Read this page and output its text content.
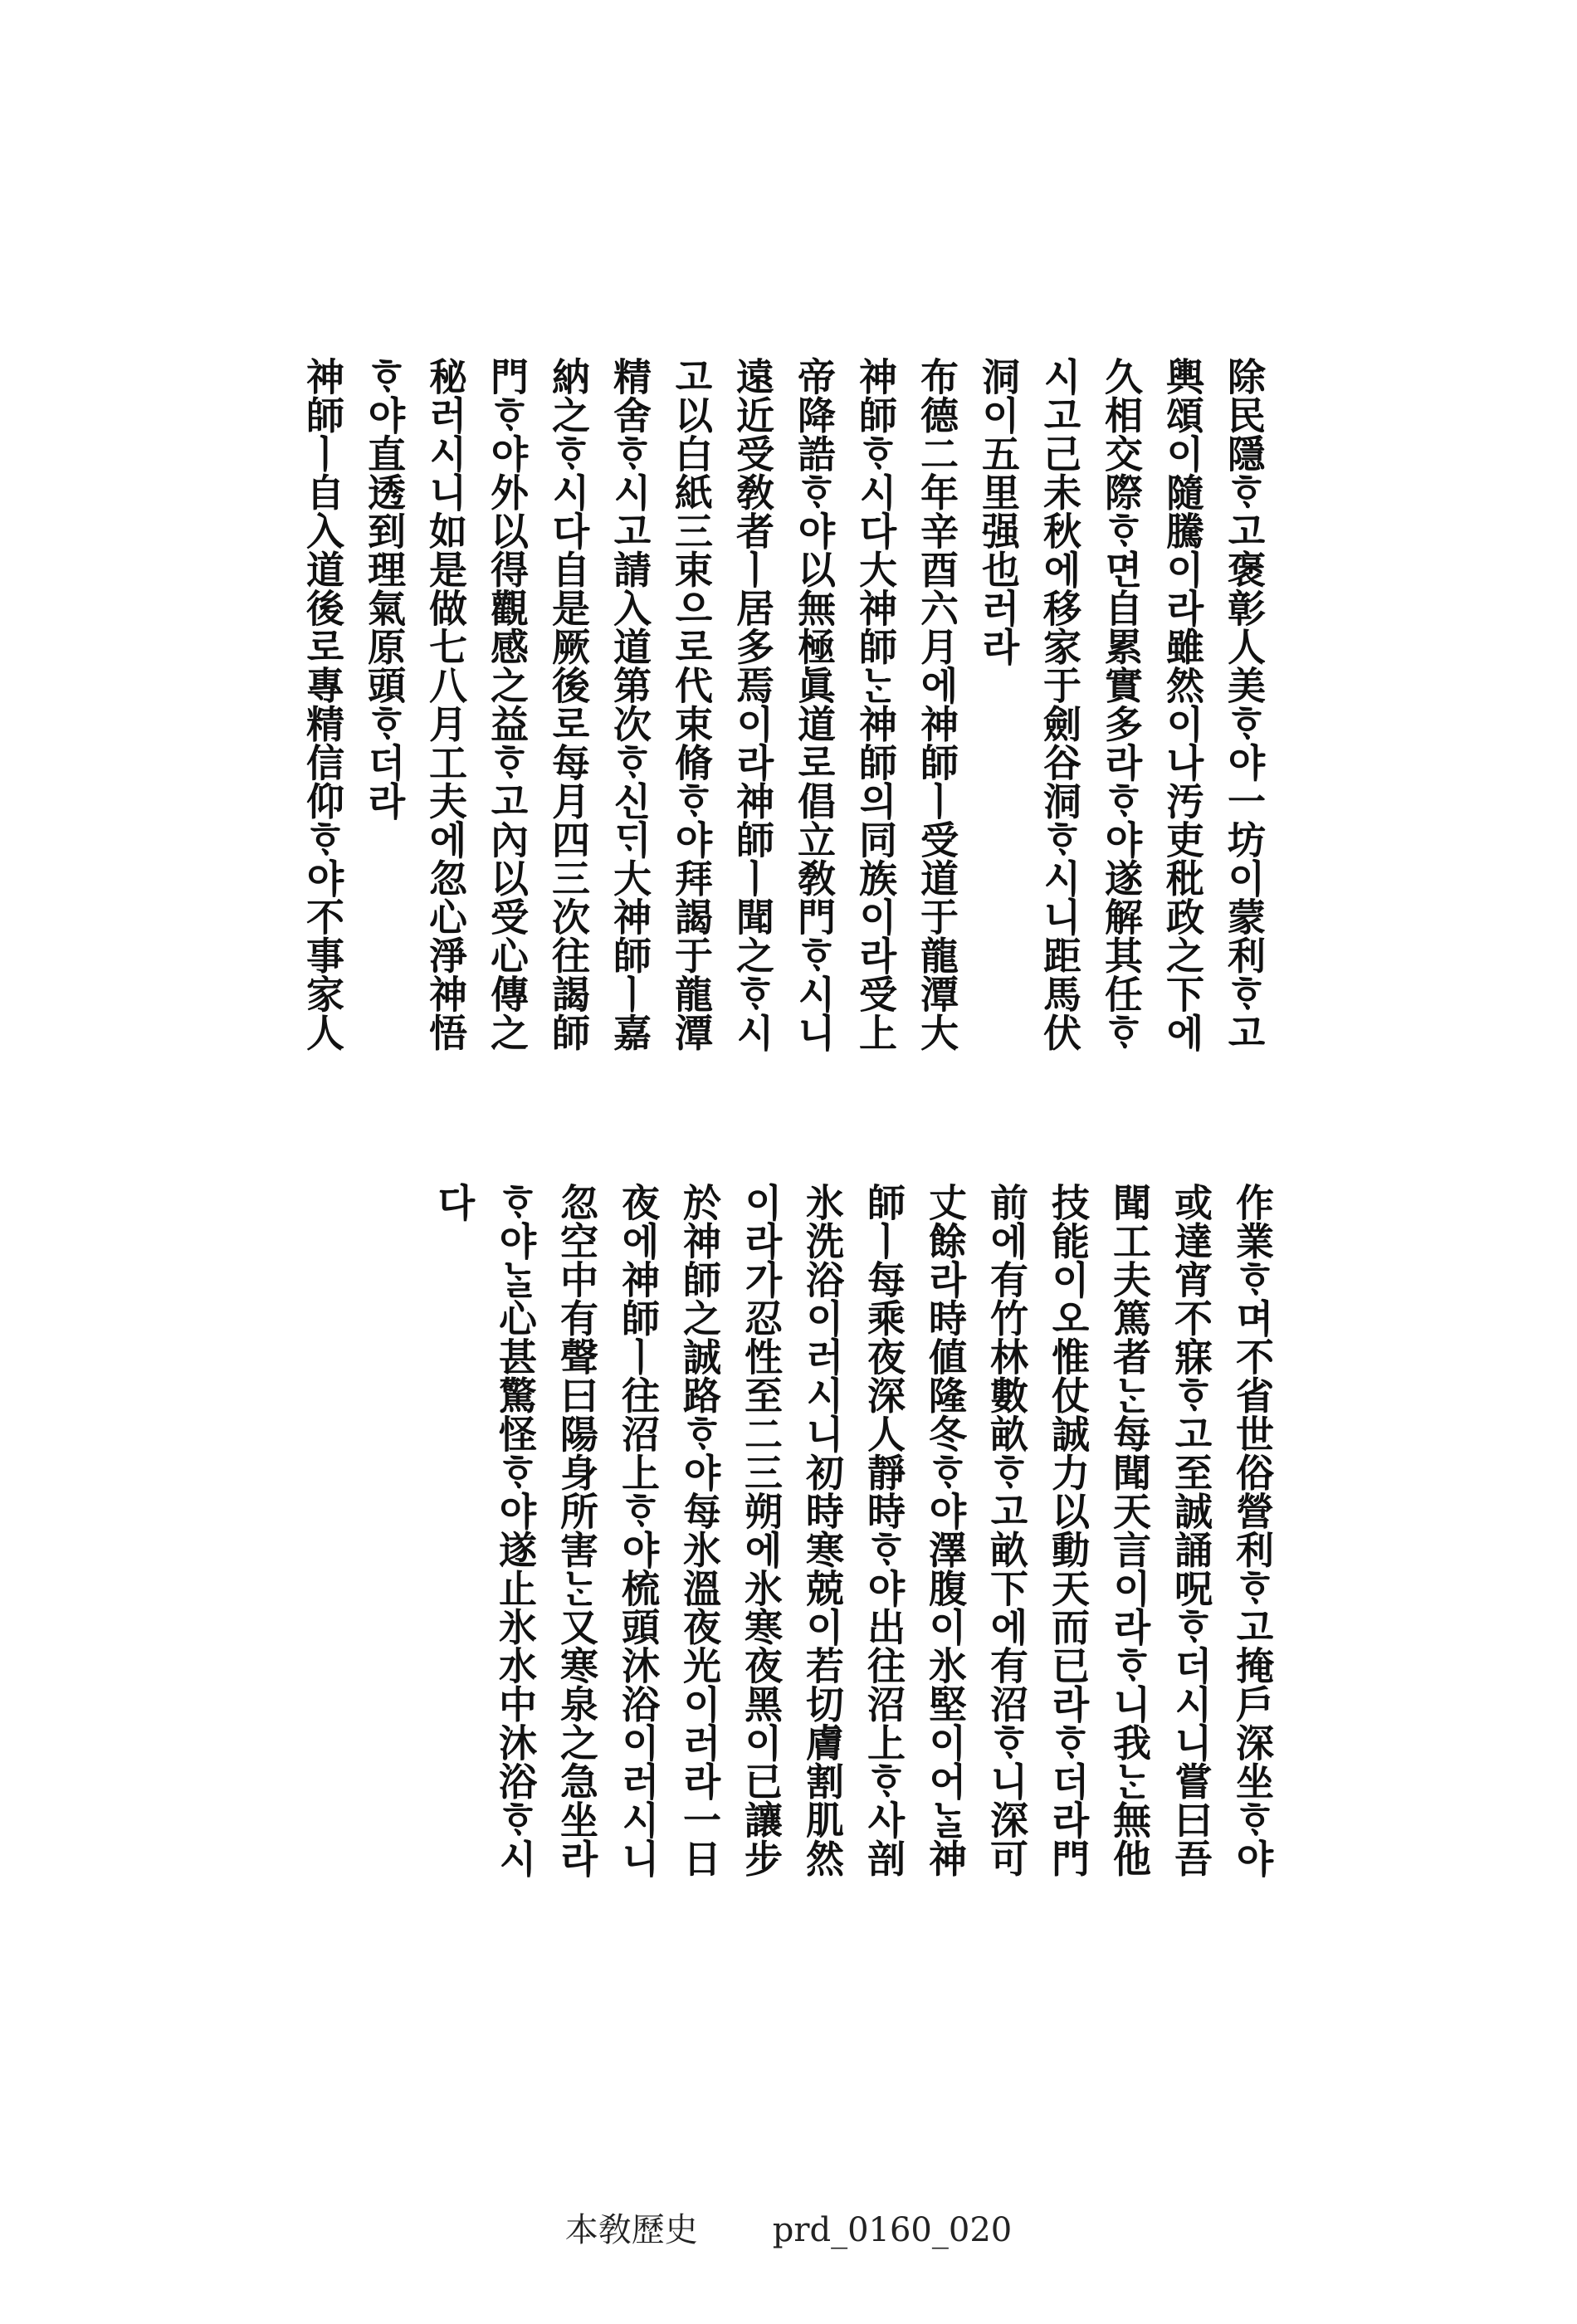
除民隱ᄒᆞ고褒彰人美ᄒᆞ야一坊이蒙利ᄒᆞ고
輿頌이隨騰이라雖然이나汚吏秕政之下에
久相交際ᄒᆞ면自累實多라ᄒᆞ야遂解其任ᄒᆞ
시고己未秋에移家于劍谷洞ᄒᆞ시니距馬伏
洞이五里强也러라
布德二年辛酉六月에神師ㅣ受道于龍潭大
神師ᄒᆞ시다大神師ᄂᆞᆫ神師의同族이라受上
帝降誥ᄒᆞ야以無極眞道로倡立敎門ᄒᆞ시니
遠近受敎者ㅣ居多焉이라神師ㅣ聞之ᄒᆞ시
고以白紙三束으로代束脩ᄒᆞ야拜謁于龍潭
精舍ᄒᆞ시고請入道第次ᄒᆞ신ᄃᆡ大神師ㅣ嘉
納之ᄒᆞ시다自是厥後로每月四三次往謁師
門ᄒᆞ야外以得觀感之益ᄒᆞ고內以受心傳之
秘러시니如是做七八月工夫에忽心淨神悟
ᄒᆞ야直透到理氣原頭ᄒᆞ더라
神師ㅣ自入道後로專精信仰ᄒᆞ야不事家人
作業ᄒᆞ며不省世俗營利ᄒᆞ고掩戶深坐ᄒᆞ야
或達宵不寐ᄒᆞ고至誠誦呪ᄒᆞ더시니嘗曰吾
聞工夫篤者ᄂᆞᆫ每聞天言이라ᄒᆞ니我ᄂᆞᆫ無他
技能이오惟仗誠力以動天而已라ᄒᆞ더라門
前에有竹林數畝ᄒᆞ고畝下에有沼ᄒᆞ니深可
丈餘라時値隆冬ᄒᆞ야澤腹이氷堅이어ᄂᆞᆯ神
師ㅣ每乘夜深人靜時ᄒᆞ야出往沼上ᄒᆞ사剖
氷洗浴이러시니初時寒兢이若切膚割肌然
이라가忍性至二三朔에氷寒夜黑이已讓步
於神師之誠路ᄒᆞ야每氷溫夜光이러라一日
夜에神師ㅣ往沼上ᄒᆞ야梳頭沐浴이러시니
忽空中有聲曰陽身所害ᄂᆞᆫ又寒泉之急坐라
ᄒᆞ야ᄂᆞᆯ心甚驚怪ᄒᆞ야遂止氷水中沐浴ᄒᆞ시
다
本敎歷史 prd_0160_020
